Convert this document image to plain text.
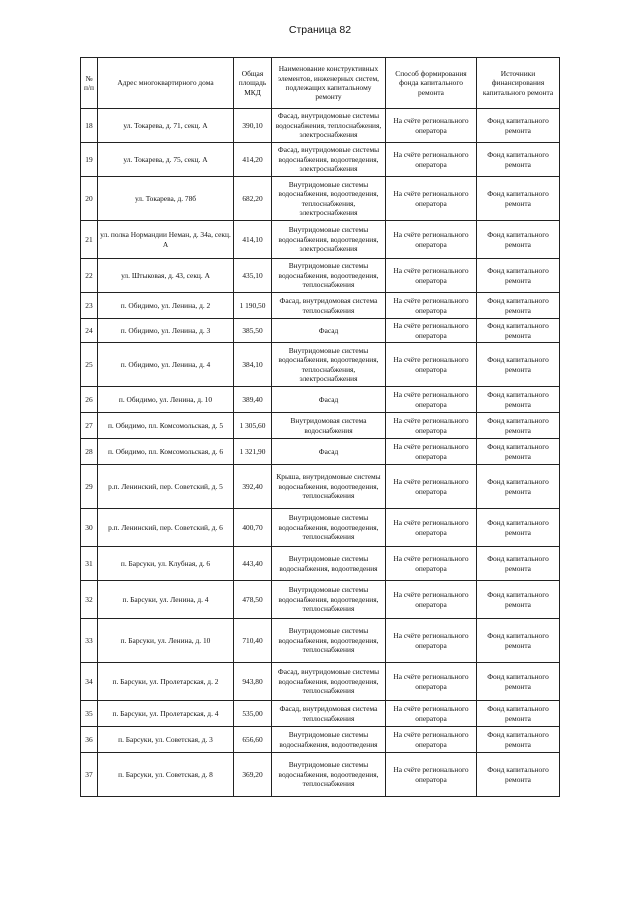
Страница 82
№ п/п	Адрес многоквартирного дома	Общая площадь МКД	Наименование конструктивных элементов, инженерных систем, подлежащих капитальному ремонту	Способ формирования фонда капитального ремонта	Источники финансирования капитального ремонта
18	ул. Токарева, д. 71, секц. А	390,10	Фасад, внутридомовые системы водоснабжения, теплоснабжения, электроснабжения	На счёте регионального оператора	Фонд капитального ремонта
19	ул. Токарева, д. 75, секц. А	414,20	Фасад, внутридомовые системы водоснабжения, водоотведения, электроснабжения	На счёте регионального оператора	Фонд капитального ремонта
20	ул. Токарева, д. 78б	682,20	Внутридомовые системы водоснабжения, водоотведения, теплоснабжения, электроснабжения	На счёте регионального оператора	Фонд капитального ремонта
21	ул. полка Нормандии Неман, д. 34а, секц. А	414,10	Внутридомовые системы водоснабжения, водоотведения, электроснабжения	На счёте регионального оператора	Фонд капитального ремонта
22	ул. Штыковая, д. 43, секц. А	435,10	Внутридомовые системы водоснабжения, водоотведения, теплоснабжения	На счёте регионального оператора	Фонд капитального ремонта
23	п. Обидимо, ул. Ленина, д. 2	1 190,50	Фасад, внутридомовая система теплоснабжения	На счёте регионального оператора	Фонд капитального ремонта
24	п. Обидимо, ул. Ленина, д. 3	385,50	Фасад	На счёте регионального оператора	Фонд капитального ремонта
25	п. Обидимо, ул. Ленина, д. 4	384,10	Внутридомовые системы водоснабжения, водоотведения, теплоснабжения, электроснабжения	На счёте регионального оператора	Фонд капитального ремонта
26	п. Обидимо, ул. Ленина, д. 10	389,40	Фасад	На счёте регионального оператора	Фонд капитального ремонта
27	п. Обидимо, пл. Комсомольская, д. 5	1 305,60	Внутридомовая система водоснабжения	На счёте регионального оператора	Фонд капитального ремонта
28	п. Обидимо, пл. Комсомольская, д. 6	1 321,90	Фасад	На счёте регионального оператора	Фонд капитального ремонта
29	р.п. Ленинский, пер. Советский, д. 5	392,40	Крыша, внутридомовые системы водоснабжения, водоотведения, теплоснабжения	На счёте регионального оператора	Фонд капитального ремонта
30	р.п. Ленинский, пер. Советский, д. 6	400,70	Внутридомовые системы водоснабжения, водоотведения, теплоснабжения	На счёте регионального оператора	Фонд капитального ремонта
31	п. Барсуки, ул. Клубная, д. 6	443,40	Внутридомовые системы водоснабжения, водоотведения	На счёте регионального оператора	Фонд капитального ремонта
32	п. Барсуки, ул. Ленина, д. 4	478,50	Внутридомовые системы водоснабжения, водоотведения, теплоснабжения	На счёте регионального оператора	Фонд капитального ремонта
33	п. Барсуки, ул. Ленина, д. 10	710,40	Внутридомовые системы водоснабжения, водоотведения, теплоснабжения	На счёте регионального оператора	Фонд капитального ремонта
34	п. Барсуки, ул. Пролетарская, д. 2	943,80	Фасад, внутридомовые системы водоснабжения, водоотведения, теплоснабжения	На счёте регионального оператора	Фонд капитального ремонта
35	п. Барсуки, ул. Пролетарская, д. 4	535,00	Фасад, внутридомовая система теплоснабжения	На счёте регионального оператора	Фонд капитального ремонта
36	п. Барсуки, ул. Советская, д. 3	656,60	Внутридомовые системы водоснабжения, водоотведения	На счёте регионального оператора	Фонд капитального ремонта
37	п. Барсуки, ул. Советская, д. 8	369,20	Внутридомовые системы водоснабжения, водоотведения, теплоснабжения	На счёте регионального оператора	Фонд капитального ремонта
